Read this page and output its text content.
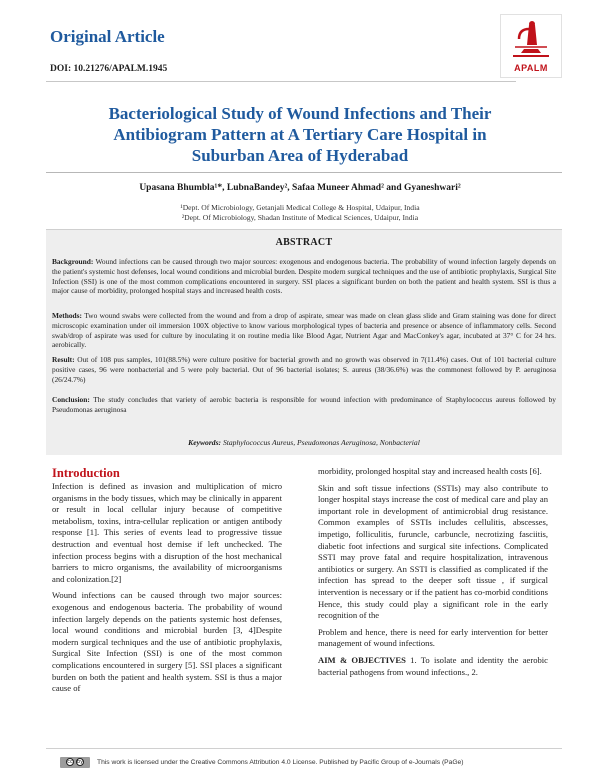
Original Article
DOI: 10.21276/APALM.1945	APALM
Bacteriological Study of Wound Infections and Their
Antibiogram Pattern at A Tertiary Care Hospital in
Suburban Area of Hyderabad
Upasana Bhumbla¹*, LubnaBandey², Safaa Muneer Ahmad² and Gyaneshwari²
¹Dept. Of Microbiology, Getanjali Medical College & Hospital, Udaipur, India
²Dept. Of Microbiology, Shadan Institute of Medical Sciences, Udaipur, India
ABSTRACT
Background: Wound infections can be caused through two major sources: exogenous and endogenous bacteria. The probability of wound infection largely depends on the patient's systemic host defenses, local wound conditions and microbial burden. Despite modern surgical techniques and the use of antibiotic prophylaxis, Surgical Site Infection (SSI) is one of the most common complications encountered in surgery. SSI places a significant burden on both the patient and health system. SSI is thus a major cause of morbidity, prolonged hospital stays and increased health costs.
Methods: Two wound swabs were collected from the wound and from a drop of aspirate, smear was made on clean glass slide and Gram staining was done for direct microscopic examination under oil immersion 100X objective to know various morphological types of bacteria and presence or absence of inflammatory cells. Second swab/drop of aspirate was used for culture by inoculating it on routine media like Blood Agar, Nutrient Agar and MacConkey's agar, incubated at 37° C for 24 hrs. aerobically.
Result: Out of 108 pus samples, 101(88.5%) were culture positive for bacterial growth and no growth was observed in 7(11.4%) cases. Out of 101 bacterial culture positive cases, 96 were nonbacterial and 5 were poly bacterial. Out of 96 bacterial isolates; S. aureus (38/36.6%) was the commonest followed by P. aeruginosa (26/24.7%)
Conclusion: The study concludes that variety of aerobic bacteria is responsible for wound infection with predominance of Staphylococcus aureus followed by Pseudomonas aeruginosa
Keywords: Staphylococcus Aureus, Pseudomonas Aeruginosa, Nonbacterial
Introduction

Infection is defined as invasion and multiplication of micro organisms in the body tissues, which may be clinically in apparent or result in local cellular injury because of competitive metabolism, toxins, intra-cellular replication or antigen antibody response [1]. This series of events lead to progressive tissue destruction and eventual host demise if left unchecked. The infection process begins with a disruption of the host mechanical barriers to micro organisms, the availability of microorganisms and colonization.[2]

Wound infections can be caused through two major sources: exogenous and endogenous bacteria. The probability of wound infection largely depends on the patients systemic host defenses, local wound conditions and microbial burden [3, 4]Despite modern surgical techniques and the use of antibiotic prophylaxis, Surgical Site Infection (SSI) is one of the most common complications encountered in surgery [5]. SSI places a significant burden on both the patient and health system. SSI is thus a major cause of

morbidity, prolonged hospital stay and increased health costs [6].

Skin and soft tissue infections (SSTIs) may also contribute to longer hospital stays increase the cost of medical care and play an important role in development of antimicrobial drug resistance. Common examples of SSTIs includes cellulitis, abscesses, impetigo, folliculitis, furuncle, carbuncle, necrotizing fasciitis, diabetic foot infections and surgical site infections. Complicated SSTI may prove fatal and require hospitalization, intravenous antibiotics or surgery. An SSTI is classified as complicated if the infection has spread to the deeper soft tissue , if surgical intervention is necessary or if the patient has co-morbid conditions Hence, this study could play a significant role in the early recognition of the

Problem and hence, there is need for early intervention for better management of wound infections.

AIM & OBJECTIVES 1. To isolate and identity the aerobic bacterial pathogens from wound infections., 2.

cc by This work is licensed under the Creative Commons Attribution 4.0 License. Published by Pacific Group of e-Journals (PaGe)
